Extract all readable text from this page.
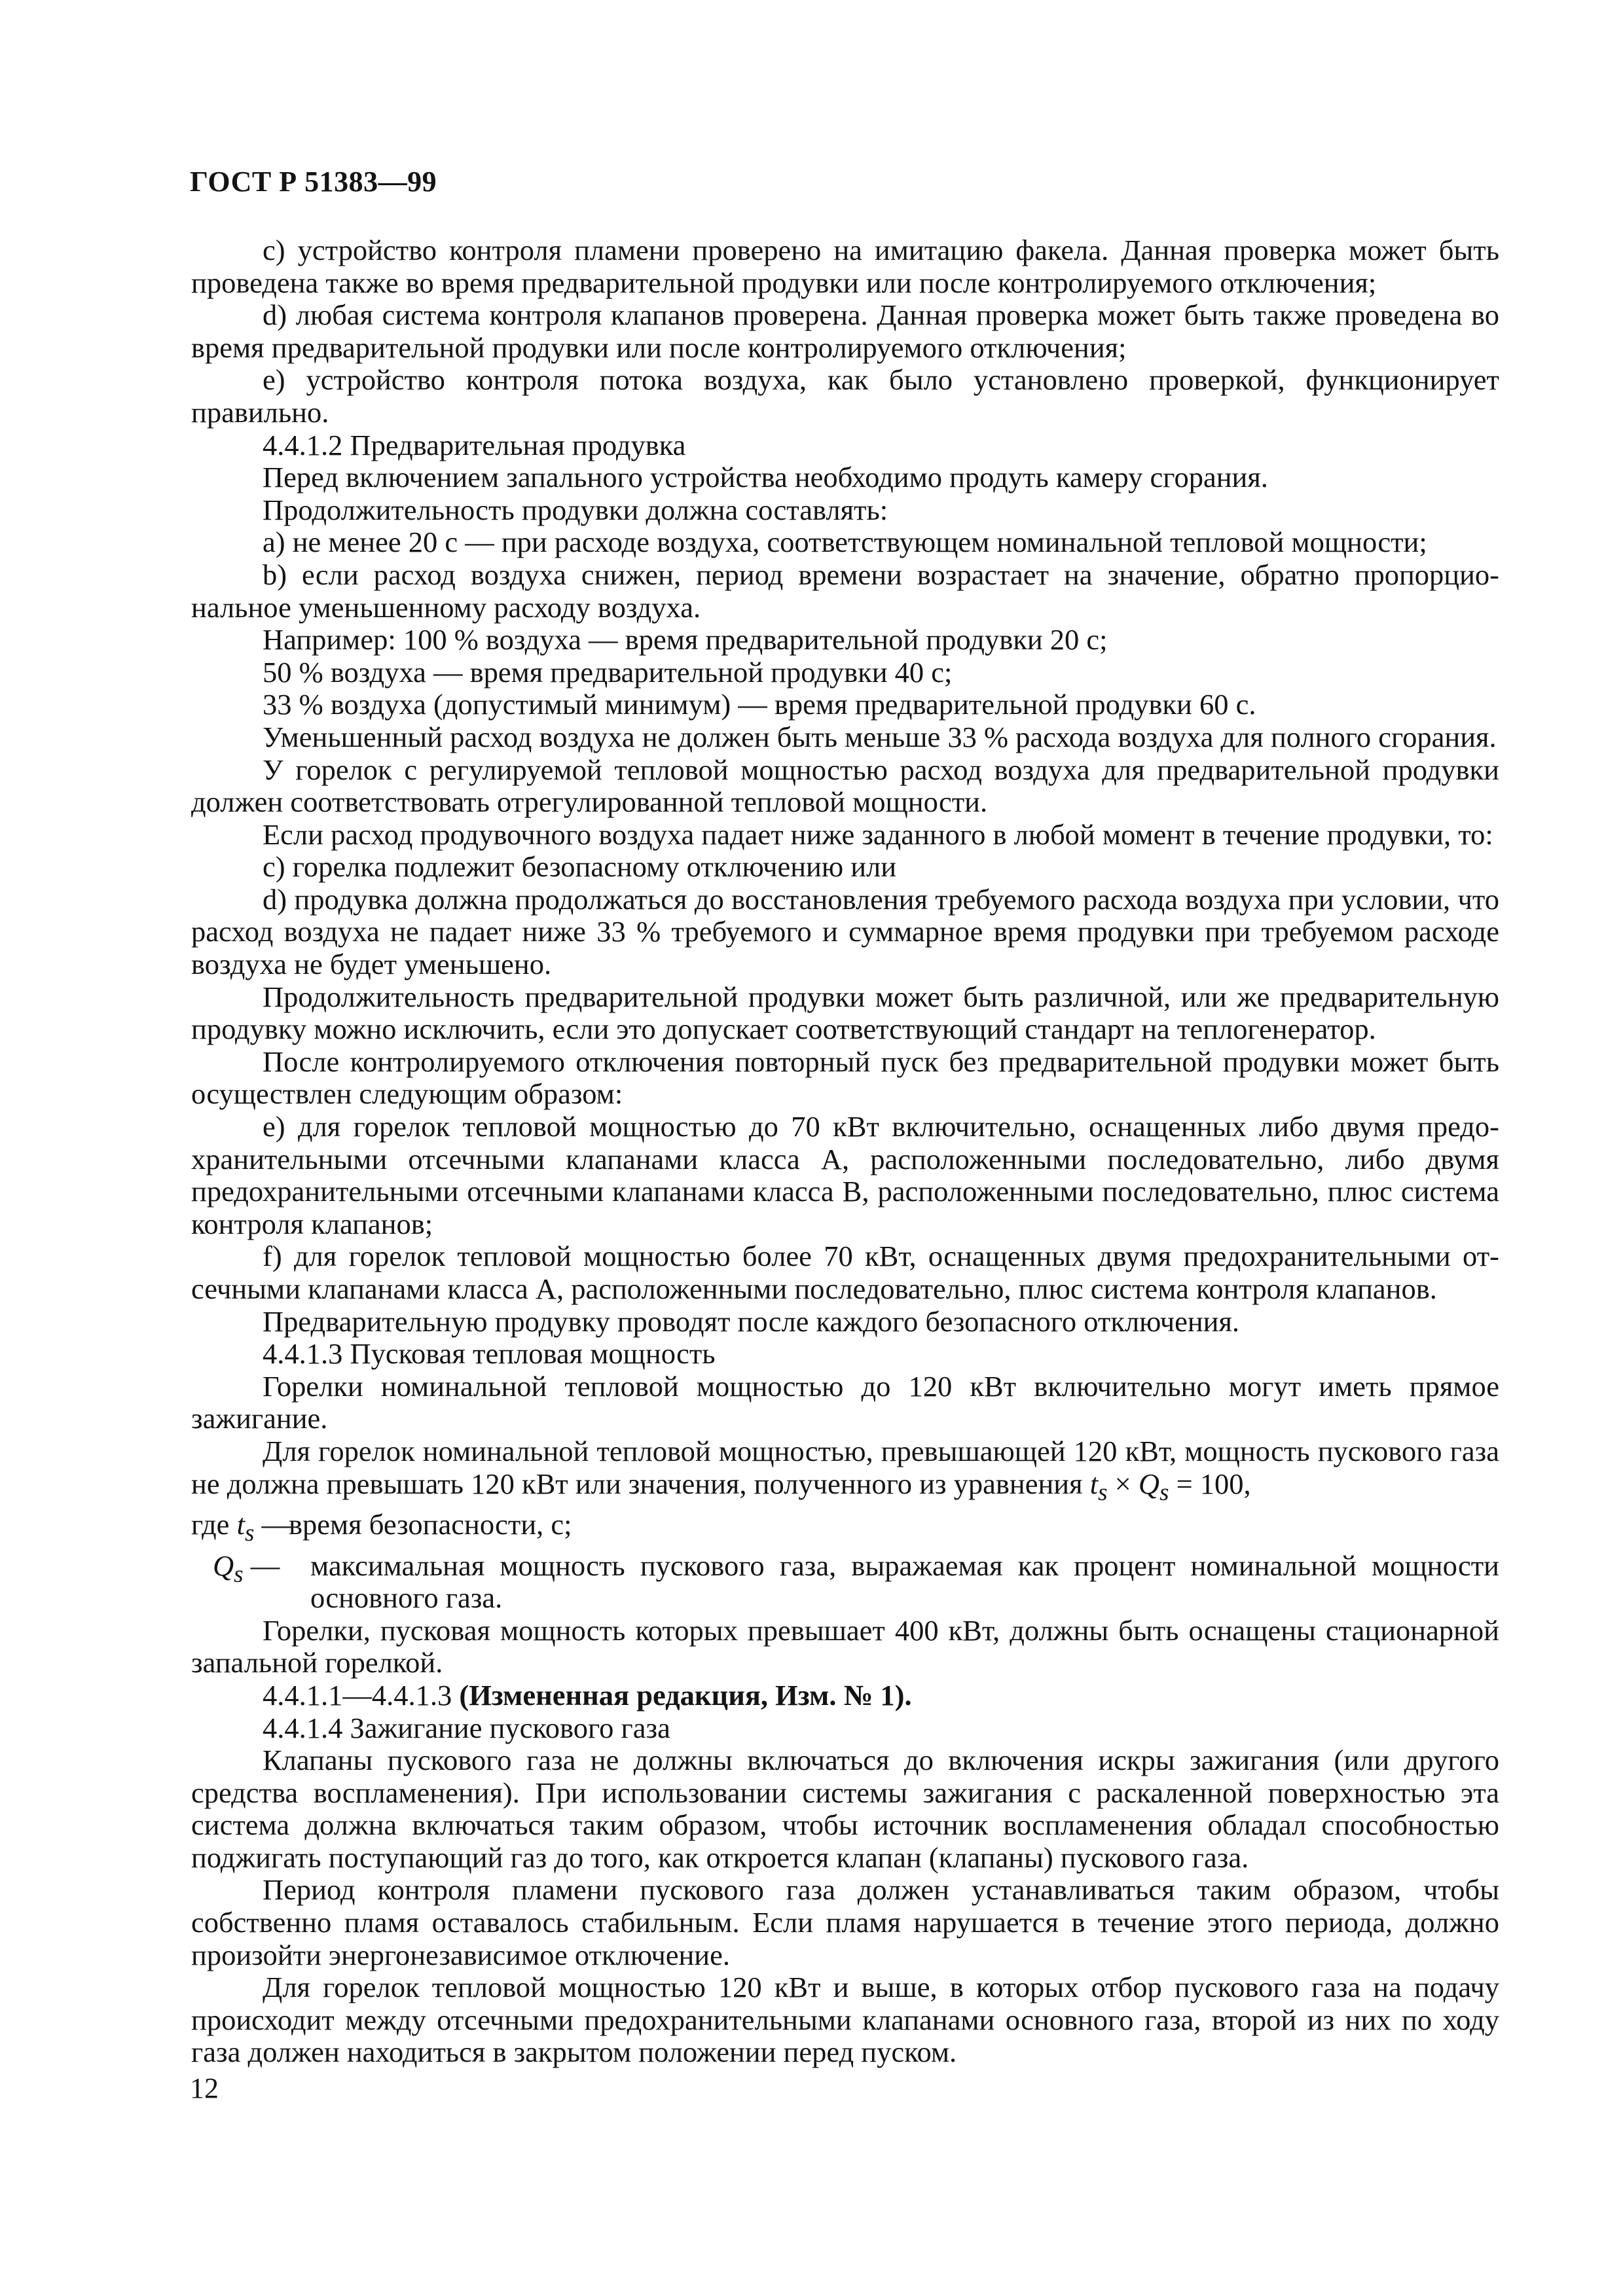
ГОСТ Р 51383—99

с) устройство контроля пламени проверено на имитацию факела. Данная проверка может быть проведена также во время предварительной продувки или после контролируемого отключения;

d) любая система контроля клапанов проверена. Данная проверка может быть также проведена во время предварительной продувки или после контролируемого отключения;

е) устройство контроля потока воздуха, как было установлено проверкой, функционирует правильно.

4.4.1.2 Предварительная продувка

Перед включением запального устройства необходимо продуть камеру сгорания.

Продолжительность продувки должна составлять:

а) не менее 20 с — при расходе воздуха, соответствующем номинальной тепловой мощности;

b) если расход воздуха снижен, период времени возрастает на значение, обратно пропорциональное уменьшенному расходу воздуха.

Например: 100 % воздуха — время предварительной продувки 20 с;

50 % воздуха — время предварительной продувки 40 с;

33 % воздуха (допустимый минимум) — время предварительной продувки 60 с.

Уменьшенный расход воздуха не должен быть меньше 33 % расхода воздуха для полного сгорания.

У горелок с регулируемой тепловой мощностью расход воздуха для предварительной продувки должен соответствовать отрегулированной тепловой мощности.

Если расход продувочного воздуха падает ниже заданного в любой момент в течение продувки, то:

с) горелка подлежит безопасному отключению или

d) продувка должна продолжаться до восстановления требуемого расхода воздуха при условии, что расход воздуха не падает ниже 33 % требуемого и суммарное время продувки при требуемом расходе воздуха не будет уменьшено.

Продолжительность предварительной продувки может быть различной, или же предварительную продувку можно исключить, если это допускает соответствующий стандарт на теплогенератор.

После контролируемого отключения повторный пуск без предварительной продувки может быть осуществлен следующим образом:

е) для горелок тепловой мощностью до 70 кВт включительно, оснащенных либо двумя предохранительными отсечными клапанами класса А, расположенными последовательно, либо двумя предохранительными отсечными клапанами класса В, расположенными последовательно, плюс система контроля клапанов;

f) для горелок тепловой мощностью более 70 кВт, оснащенных двумя предохранительными отсечными клапанами класса А, расположенными последовательно, плюс система контроля клапанов.

Предварительную продувку проводят после каждого безопасного отключения.

4.4.1.3 Пусковая тепловая мощность

Горелки номинальной тепловой мощностью до 120 кВт включительно могут иметь прямое зажигание.

Для горелок номинальной тепловой мощностью, превышающей 120 кВт, мощность пускового газа не должна превышать 120 кВт или значения, полученного из уравнения $t_s \times Q_s = 100$,

где $t_s$ —
время безопасности, с;
$Q_s$ —	максимальная мощность пускового газа, выражаемая как процент номинальной мощности основного газа.

Горелки, пусковая мощность которых превышает 400 кВт, должны быть оснащены стационарной запальной горелкой.

4.4.1.1—4.4.1.3 (Измененная редакция, Изм. № 1).

4.4.1.4 Зажигание пускового газа

Клапаны пускового газа не должны включаться до включения искры зажигания (или другого средства воспламенения). При использовании системы зажигания с раскаленной поверхностью эта система должна включаться таким образом, чтобы источник воспламенения обладал способностью поджигать поступающий газ до того, как откроется клапан (клапаны) пускового газа.

Период контроля пламени пускового газа должен устанавливаться таким образом, чтобы собственно пламя оставалось стабильным. Если пламя нарушается в течение этого периода, должно произойти энергонезависимое отключение.

Для горелок тепловой мощностью 120 кВт и выше, в которых отбор пускового газа на подачу происходит между отсечными предохранительными клапанами основного газа, второй из них по ходу газа должен находиться в закрытом положении перед пуском.

12
